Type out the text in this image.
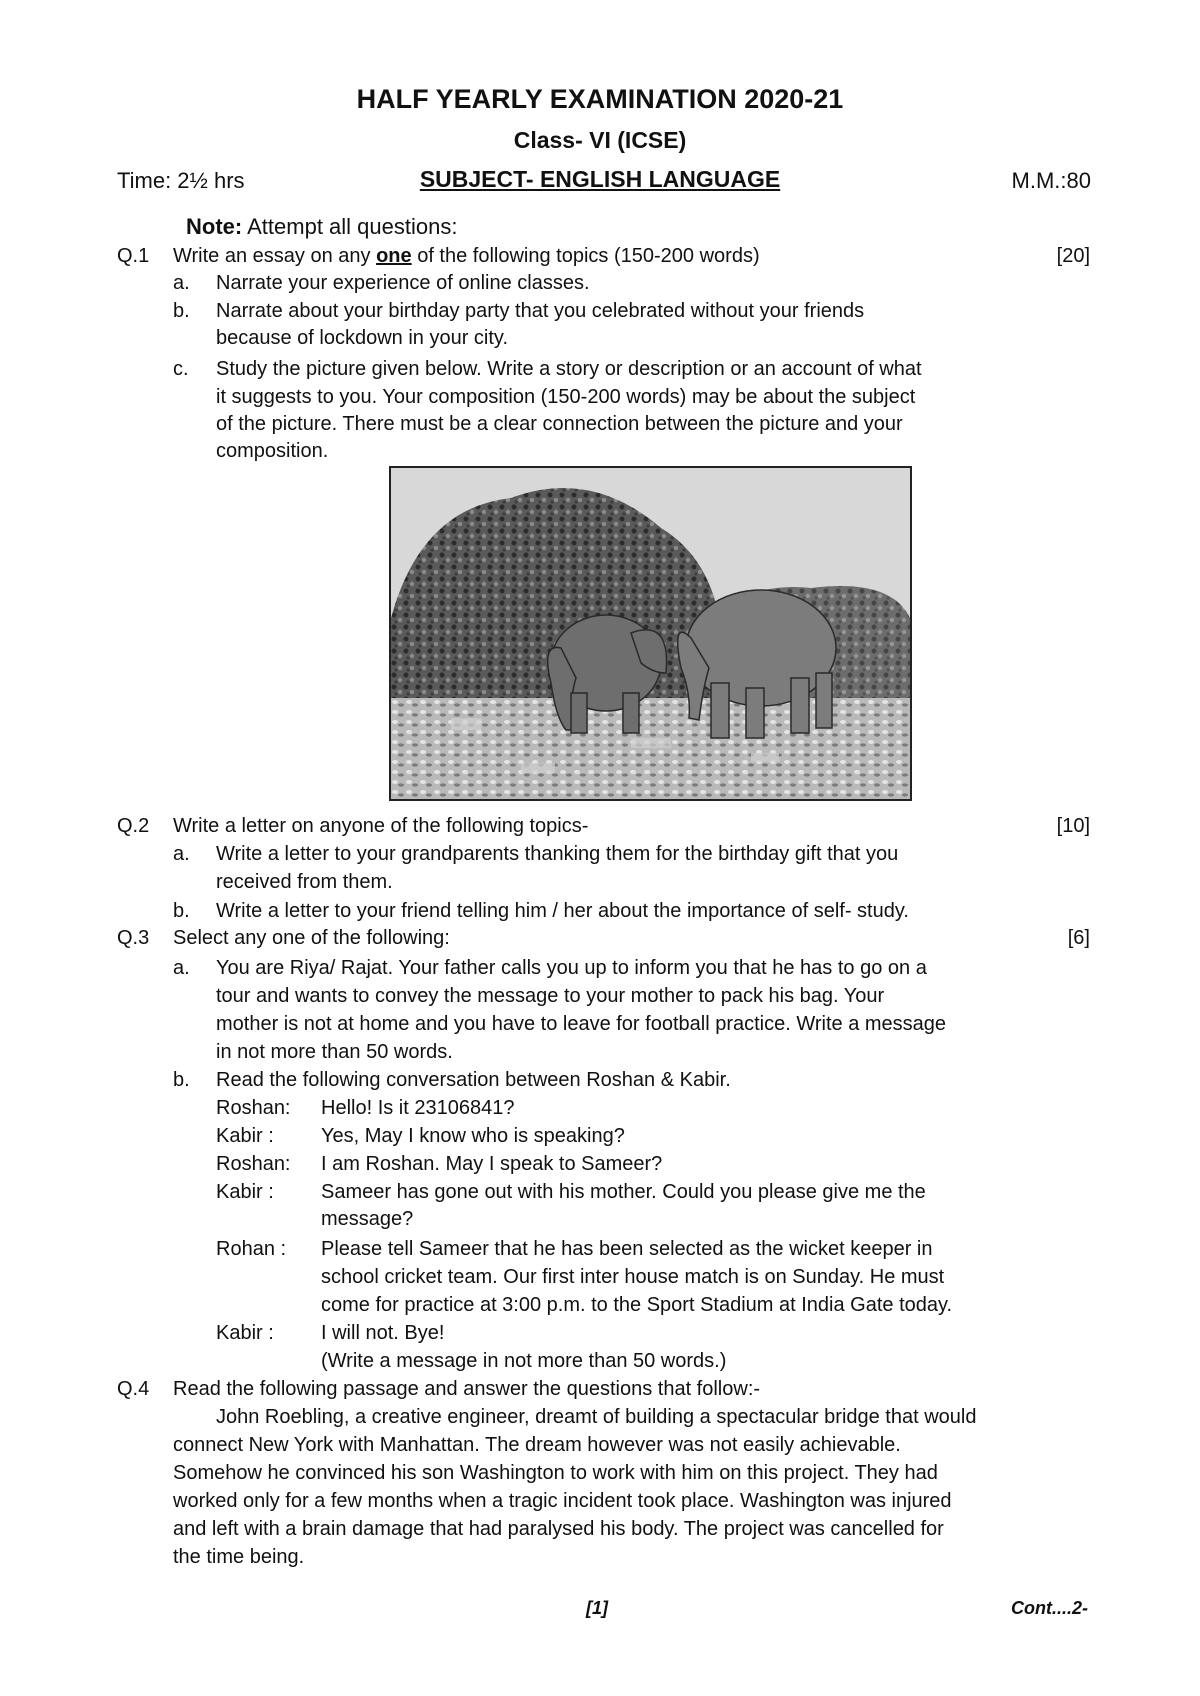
HALF YEARLY EXAMINATION 2020-21
Class- VI (ICSE)
Time: 2½ hrs	SUBJECT- ENGLISH LANGUAGE	M.M.:80
Note: Attempt all questions:
Q.1 Write an essay on any one of the following topics (150-200 words)	[20]
a. Narrate your experience of online classes.
b. Narrate about your birthday party that you celebrated without your friends
because of lockdown in your city.
c. Study the picture given below. Write a story or description or an account of what
it suggests to you. Your composition (150-200 words) may be about the subject
of the picture. There must be a clear connection between the picture and your
composition.
Q.2 Write a letter on anyone of the following topics-	[10]
a. Write a letter to your grandparents thanking them for the birthday gift that you
received from them.
b. Write a letter to your friend telling him / her about the importance of self- study.
Q.3 Select any one of the following:	[6]
a. You are Riya/ Rajat. Your father calls you up to inform you that he has to go on a
tour and wants to convey the message to your mother to pack his bag. Your
mother is not at home and you have to leave for football practice. Write a message
in not more than 50 words.
b. Read the following conversation between Roshan & Kabir.
Roshan: Hello! Is it 23106841?
Kabir : Yes, May I know who is speaking?
Roshan: I am Roshan. May I speak to Sameer?
Kabir : Sameer has gone out with his mother. Could you please give me the
message?
Rohan : Please tell Sameer that he has been selected as the wicket keeper in
school cricket team. Our first inter house match is on Sunday. He must
come for practice at 3:00 p.m. to the Sport Stadium at India Gate today.
Kabir : I will not. Bye!
(Write a message in not more than 50 words.)
Q.4 Read the following passage and answer the questions that follow:-
John Roebling, a creative engineer, dreamt of building a spectacular bridge that would
connect New York with Manhattan. The dream however was not easily achievable.
Somehow he convinced his son Washington to work with him on this project. They had
worked only for a few months when a tragic incident took place. Washington was injured
and left with a brain damage that had paralysed his body. The project was cancelled for
the time being.
[1]	Cont....2-
